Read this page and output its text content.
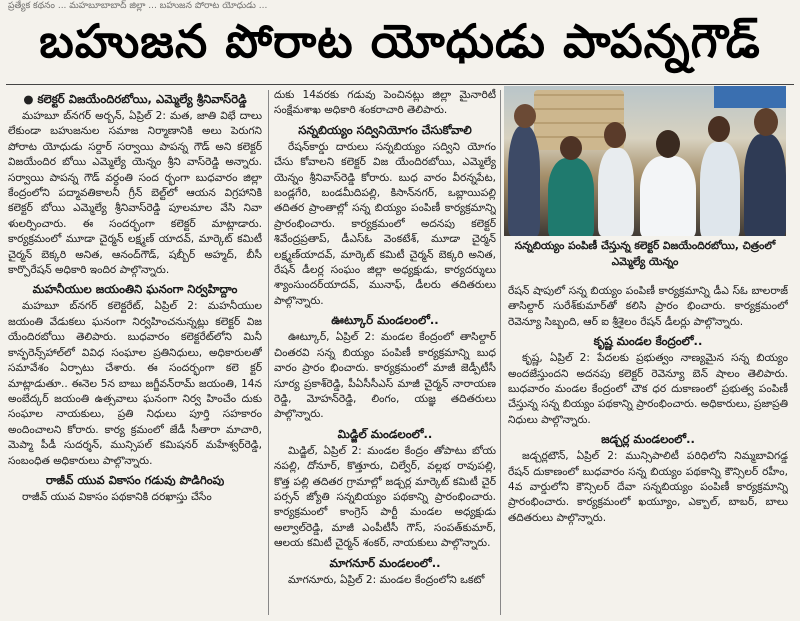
ప్రత్యేక కథనం ... మహబూబాబాద్ జిల్లా ... బహుజన పోరాట యోధుడు ...
బహుజన పోరాట యోధుడు పాపన్నగౌడ్
● కలెక్టర్ విజయేందిరబోయి, ఎమ్మెల్యే శ్రీనివాస్‌రెడ్డి

మహబూ బ్‌నగర్ అర్బన్, ఏప్రిల్ 2: మత, జాతి విభే దాలు లేకుండా బహుజనుల సమాజ నిర్మాణానికి అలు పెరుగని పోరాట యోధుడు సర్దార్ సర్వాయి పాపన్న గౌడ్ అని కలెక్టర్ విజయేందిర బోయి ఎమ్మెల్యే యెన్నం శ్రీని వాస్‌రెడ్డి అన్నారు. సర్వాయి పాపన్న గౌడ్ వర్ధంతి సంద ర్భంగా బుధవారం జిల్లా కేంద్రంలోని పద్మావతికాలనీ గ్రీన్ బెల్ట్‌లో ఆయన విగ్రహానికి కలెక్టర్ బోయి ఎమ్మెల్యే శ్రీనివాస్‌రెడ్డి పూలమాల వేసి నివా ళులర్పించారు. ఈ సందర్భంగా కలెక్టర్ మాట్లాడారు. కార్యక్రమంలో మూడా చైర్మన్ లక్ష్మణ్ యాదవ్, మార్కెట్ కమిటీ చైర్మన్ బెక్కరి అనిత, ఆనంద్‌గౌడ్, షబ్బీర్ అహ్మద్, బీసీ కార్పొరేషన్ అధికారి ఇందిర పాల్గొన్నారు.

మహనీయుల జయంతిని ఘనంగా నిర్వహిద్దాం

మహబూ బ్‌నగర్ కలెక్టరేట్, ఏప్రిల్ 2: మహనీయుల జయంతి వేడుకలు ఘనంగా నిర్వహించనున్నట్లు కలెక్టర్ విజ యేందిరబోయి తెలిపారు. బుధవారం కలెక్టరేట్‌లోని మినీ కాన్ఫరెన్స్‌హాల్‌లో వివిధ సంఘాల ప్రతినిధులు, అధికారులతో సమావేశం ఏర్పాటు చేశారు. ఈ సందర్భంగా కలె క్టర్ మాట్లాడుతూ.. ఈనెల 5న బాబు జగ్జీవన్‌రామ్ జయంతి, 14న అంబేద్కర్ జయంతి ఉత్సవాలు ఘనంగా నిర్వ హించేం దుకు సంఘాల నాయకులు, ప్రతి నిధులు పూర్తి సహకారం అందించాలని కోరారు. కార్య క్రమంలో జేడీ సీతారా మాచారి, మెప్మా పీడీ సుదర్శన్, మున్సిపల్ కమిషనర్ మహేశ్వర్‌రెడ్డి, సంబంధిత అధికారులు పాల్గొన్నారు.

రాజీవ్ యువ వికాసం గడువు పొడిగింపు

రాజీవ్ యువ వికాసం పథకానికి దరఖాస్తు చేసేం

దుకు 14వరకు గడువు పెంచినట్లు జిల్లా మైనారిటీ సంక్షేమశాఖ అధికారి శంకరాచారి తెలిపారు.

సన్నబియ్యం సద్వినియోగం చేసుకోవాలి

రేషన్‌కార్డు దారులు సన్నబియ్యం సద్విని యోగం చేసు కోవాలని కలెక్టర్ విజ యేందిరబోయి, ఎమ్మెల్యే యెన్నం శ్రీనివాస్‌రెడ్డి కోరారు. బుధ వారం వీరన్నపేట, బండ్లగేరి, బండమీదిపల్లి, కిసాన్‌నగర్, ఒబ్లాయిపల్లి తదితర ప్రాంతాల్లో సన్న బియ్యం పంపిణీ కార్యక్రమాన్ని ప్రారంభించారు. కార్యక్రమంలో అదనపు కలెక్టర్ శివేంద్రప్రతాప్, డీఎస్‌ఓ వెంకటేశ్, మూడా చైర్మన్ లక్ష్మణ్‌యాదవ్, మార్కెట్ కమిటీ చైర్మన్ బెక్కరి అనిత, రేషన్ డీలర్ల సంఘం జిల్లా అధ్యక్షుడు, కార్యదర్శులు శ్యాంసుందర్‌యాదవ్, మునాఫ్, డీలరు తదితరులు పాల్గొన్నారు.

ఊట్కూర్ మండలంలో..

ఊట్కూర్, ఏప్రిల్ 2: మండల కేంద్రంలో తాసిల్దార్ చింతరవి సన్న బియ్యం పంపిణీ కార్యక్రమాన్ని బుధ వారం ప్రారం భించారు. కార్యక్రమంలో మాజీ జెడ్పీటీసీ సూర్య ప్రకాశ్‌రెడ్డి, పీఏసీసీఎస్ మాజీ చైర్మన్ నారాయణ రెడ్డి, మోహన్‌రెడ్డి, లింగం, యజ్ఞ తదితరులు పాల్గొన్నారు.

మిడ్జిల్ మండలంలో..

మిడ్జిల్, ఏప్రిల్ 2: మండల కేంద్రం తోపాటు బోయ నపల్లి, దోనూర్, కొత్తూరు, చిల్వేర్, వల్లభ రావుపల్లి, కొత్త పల్లి తదితర గ్రామాల్లో జడ్చర్ల మార్కెట్ కమిటీ చైర్ పర్సన్ జ్యోతి సన్నబియ్యం పథకాన్ని ప్రారంభించారు. కార్యక్రమంలో కాంగ్రెస్ పార్టీ మండల అధ్యక్షుడు అల్వాల్‌రెడ్డి, మాజీ ఎంపీటీసీ గౌస్, సంపత్‌కుమార్, ఆలయ కమిటీ చైర్మన్ శంకర్, నాయకులు పాల్గొన్నారు.

మాగనూర్ మండలంలో..

మాగనూరు, ఏప్రిల్ 2: మండల కేంద్రంలోని ఒకటో

సన్నబియ్యం పంపిణీ చేస్తున్న కలెక్టర్ విజయేందిరబోయి, చిత్రంలో ఎమ్మెల్యే యెన్నం

రేషన్ షాపులో సన్న బియ్యం పంపిణీ కార్యక్రమాన్ని డీఎ స్‌ఓ బాలరాజ్ తాసిల్దార్ సురేశ్‌కుమార్‌తో కలిసి ప్రారం భించారు. కార్యక్రమంలో రెవెన్యూ సిబ్బంది, ఆర్ ఐ శ్రీశైలం రేషన్ డీలర్లు పాల్గొన్నారు.

కృష్ణ మండల కేంద్రంలో..

కృష్ణ, ఏప్రిల్ 2: పేదలకు ప్రభుత్వం నాణ్యమైన సన్న బియ్యం అందజేస్తుందని అదనపు కలెక్టర్ రెవెన్యూ బెన్ షాలం తెలిపారు. బుధవారం మండల కేంద్రంలో చౌక ధర దుకాణంలో ప్రభుత్వ పంపిణీ చేస్తున్న సన్న బియ్యం పథకాన్ని ప్రారంభించారు. అధికారులు, ప్రజాప్రతి నిధులు పాల్గొన్నారు.

జడ్చర్ల మండలంలో..

జడ్చర్లటౌన్, ఏప్రిల్ 2: మున్సిపాలిటీ పరిధిలోని నిమ్మబావిగడ్డ రేషన్ దుకాణంలో బుధవారం సన్న బియ్యం పథకాన్ని కౌన్సిలర్ రహీం, 4వ వార్డులోని కౌన్సిలర్ దేవా సన్నబియ్యం పంపిణీ కార్యక్రమాన్ని ప్రారంభించారు. కార్యక్రమంలో ఖయ్యూం, ఎక్బాల్, బాబర్, బాలు తదితరులు పాల్గొన్నారు.
